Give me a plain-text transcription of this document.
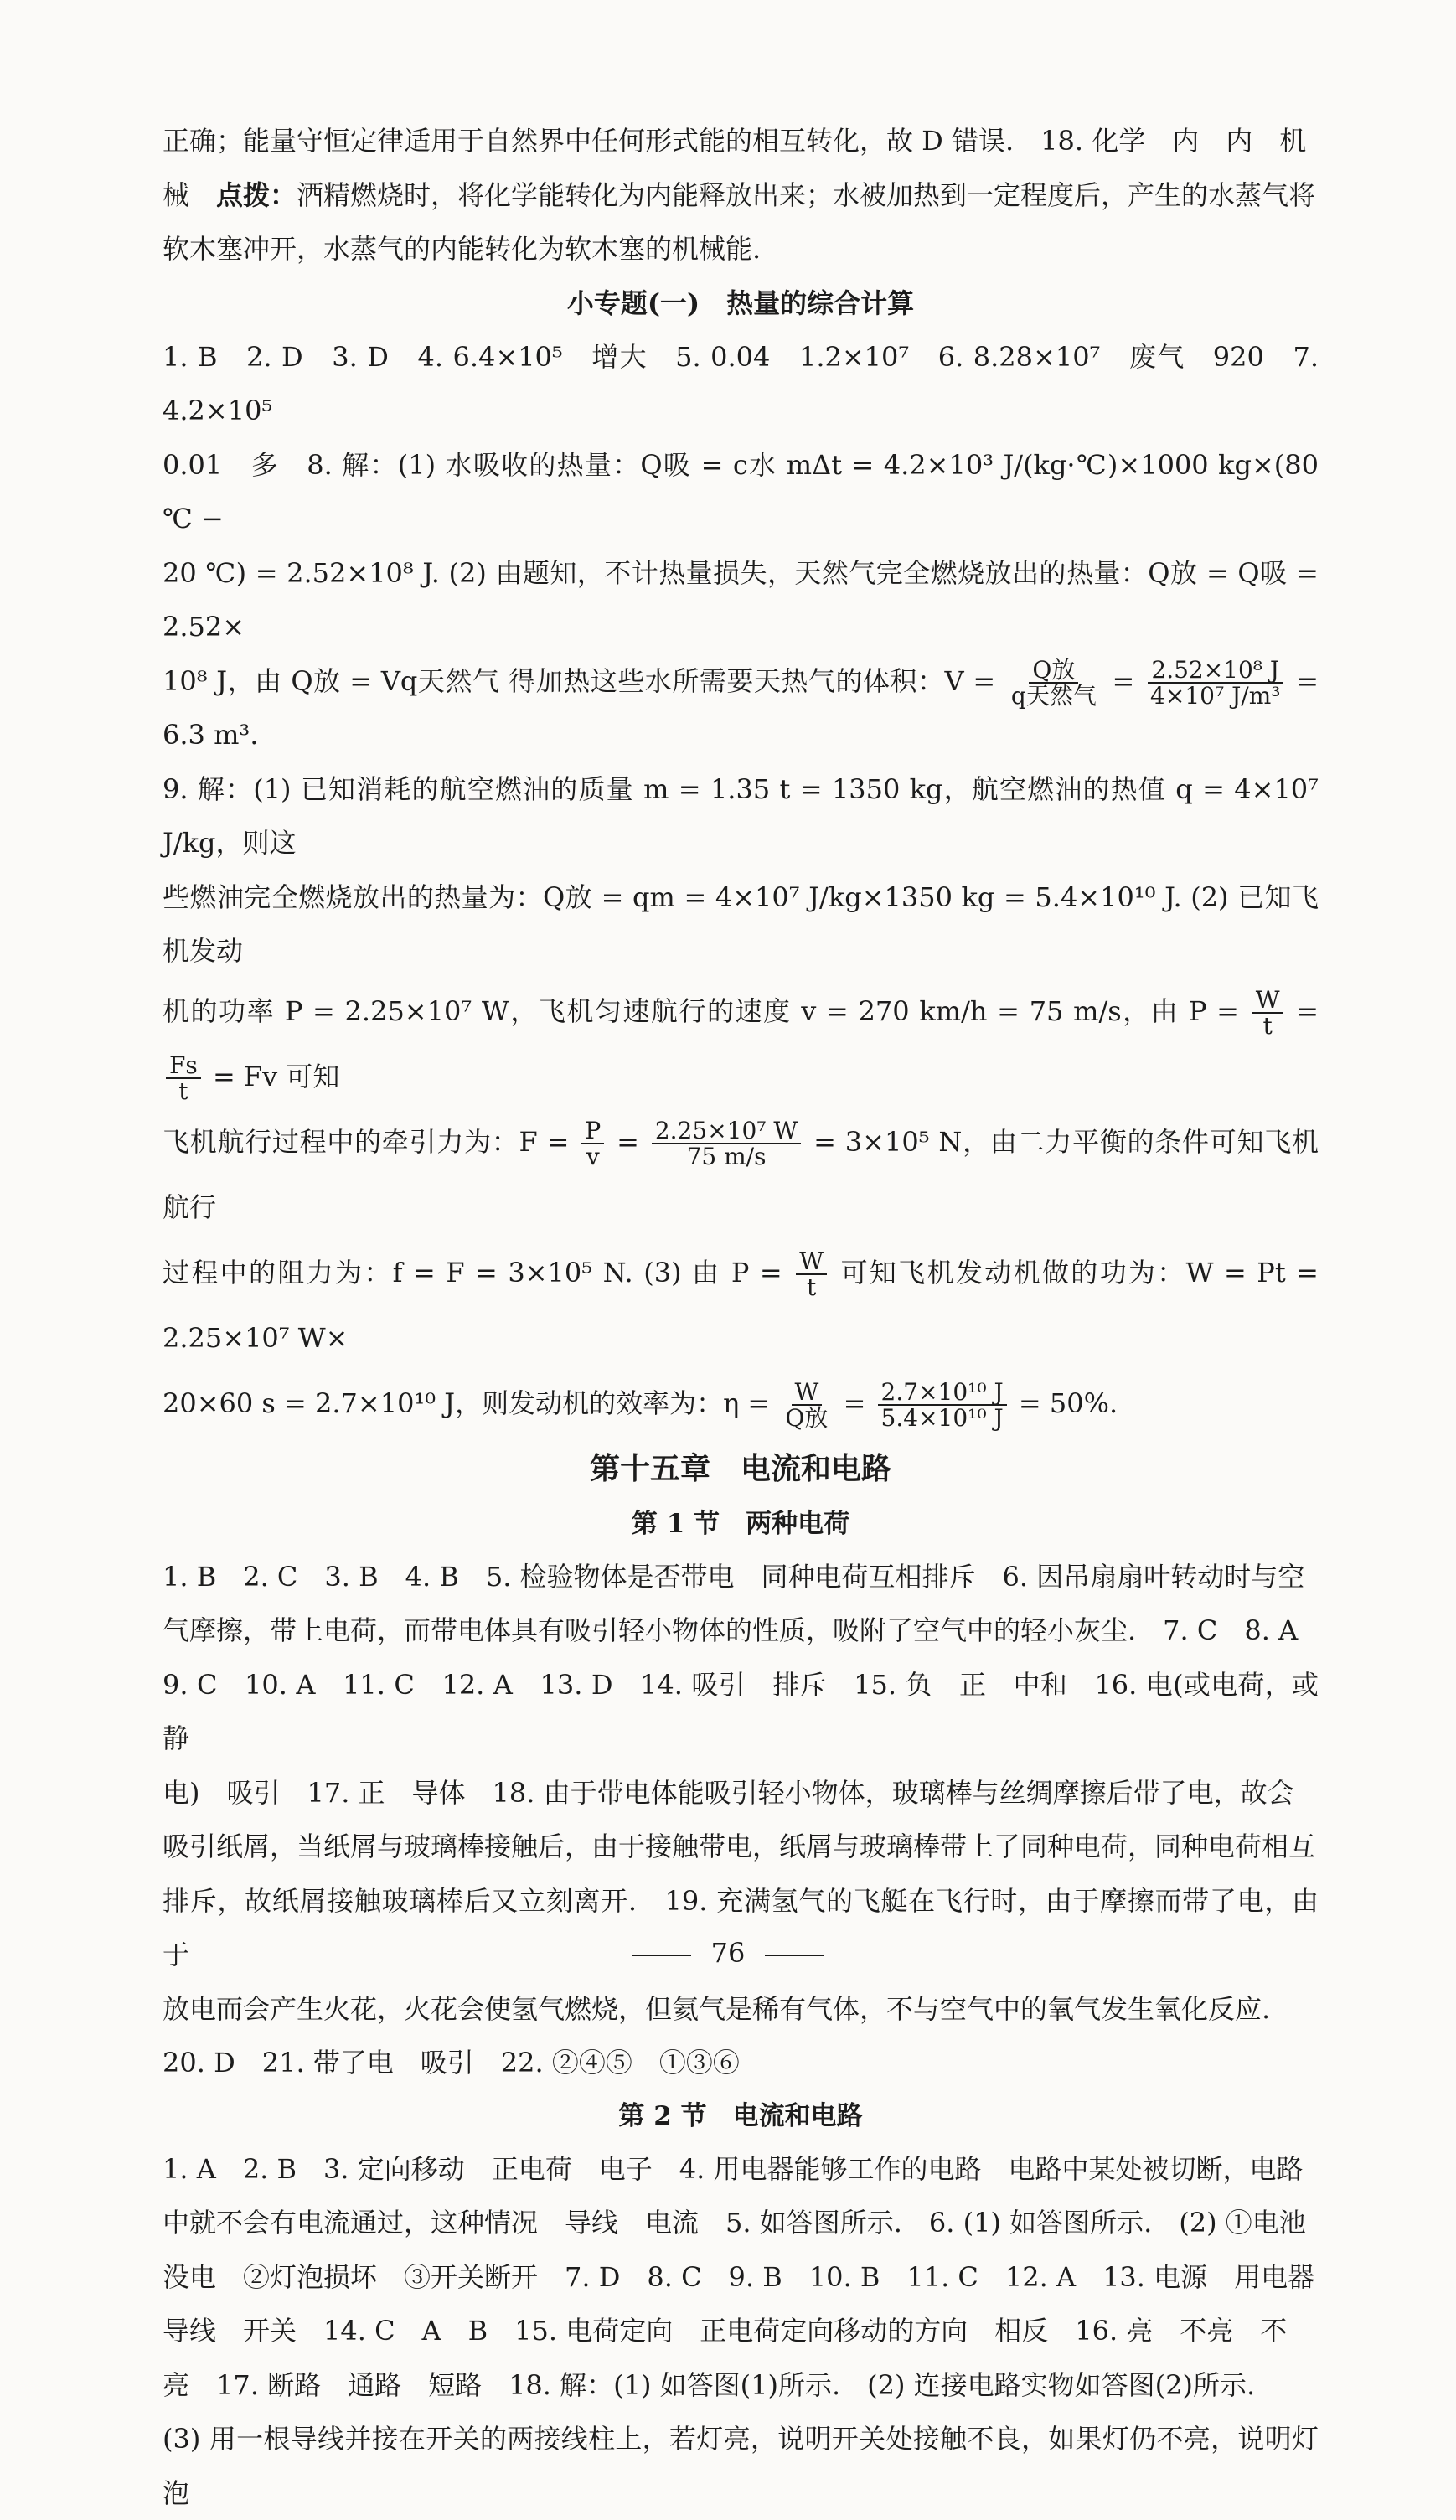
正确；能量守恒定律适用于自然界中任何形式能的相互转化，故 D 错误.　18. 化学　内　内　机

械　点拨：酒精燃烧时，将化学能转化为内能释放出来；水被加热到一定程度后，产生的水蒸气将

软木塞冲开，水蒸气的内能转化为软木塞的机械能.

小专题(一)　热量的综合计算

1. B　2. D　3. D　4. 6.4×10⁵　增大　5. 0.04　1.2×10⁷　6. 8.28×10⁷　废气　920　7. 4.2×10⁵

0.01　多　8. 解：(1) 水吸收的热量：Q吸 = c水 mΔt = 4.2×10³ J/(kg·℃)×1000 kg×(80 ℃ −

20 ℃) = 2.52×10⁸ J. (2) 由题知，不计热量损失，天然气完全燃烧放出的热量：Q放 = Q吸 = 2.52×

10⁸ J，由 Q放 = Vq天然气 得加热这些水所需要天热气的体积：$V = \frac{\text{Q放}}{\text{q天然气}} = \frac{\text{2.52×10⁸ J}}{\text{4×10⁷ J/m³}} = 6.3$ m³.

9. 解：(1) 已知消耗的航空燃油的质量 m = 1.35 t = 1350 kg，航空燃油的热值 q = 4×10⁷ J/kg，则这

些燃油完全燃烧放出的热量为：Q放 = qm = 4×10⁷ J/kg×1350 kg = 5.4×10¹⁰ J. (2) 已知飞机发动

机的功率 P = 2.25×10⁷ W，飞机匀速航行的速度 v = 270 km/h = 75 m/s，由 $P = \frac{W}{t}$ =
$\frac{Fs}{t} = Fv$ 可知

飞机航行过程中的牵引力为：$F = \frac{P}{v} = \frac{\text{2.25×10⁷ W}}{75 m/s} = 3\times 10^5$ N，由二力平衡的条件可知飞机航行

过程中的阻力为：f = F = 3×10⁵ N. (3) 由 $P = \frac{W}{t}$ 可知飞机发动机做的功为：W = Pt = 2.25×10⁷ W×

20×60 s = 2.7×10¹⁰ J，则发动机的效率为：$\eta = \frac{W}{\text{Q放}} = \frac{\text{2.7×10¹⁰ J}}{\text{5.4×10¹⁰ J}} = 50\%$.

第十五章　电流和电路
第 1 节　两种电荷

1. B　2. C　3. B　4. B　5. 检验物体是否带电　同种电荷互相排斥　6. 因吊扇扇叶转动时与空

气摩擦，带上电荷，而带电体具有吸引轻小物体的性质，吸附了空气中的轻小灰尘.　7. C　8. A

9. C　10. A　11. C　12. A　13. D　14. 吸引　排斥　15. 负　正　中和　16. 电(或电荷，或静

电)　吸引　17. 正　导体　18. 由于带电体能吸引轻小物体，玻璃棒与丝绸摩擦后带了电，故会

吸引纸屑，当纸屑与玻璃棒接触后，由于接触带电，纸屑与玻璃棒带上了同种电荷，同种电荷相互

排斥，故纸屑接触玻璃棒后又立刻离开.　19. 充满氢气的飞艇在飞行时，由于摩擦而带了电，由于

放电而会产生火花，火花会使氢气燃烧，但氦气是稀有气体，不与空气中的氧气发生氧化反应.

20. D　21. 带了电　吸引　22. ②④⑤　①③⑥

第 2 节　电流和电路

1. A　2. B　3. 定向移动　正电荷　电子　4. 用电器能够工作的电路　电路中某处被切断，电路

中就不会有电流通过，这种情况　导线　电流　5. 如答图所示.　6. (1) 如答图所示.　(2) ①电池

没电　②灯泡损坏　③开关断开　7. D　8. C　9. B　10. B　11. C　12. A　13. 电源　用电器

导线　开关　14. C　A　B　15. 电荷定向　正电荷定向移动的方向　相反　16. 亮　不亮　不

亮　17. 断路　通路　短路　18. 解：(1) 如答图(1)所示.　(2) 连接电路实物如答图(2)所示.

(3) 用一根导线并接在开关的两接线柱上，若灯亮，说明开关处接触不良，如果灯仍不亮，说明灯泡

76
